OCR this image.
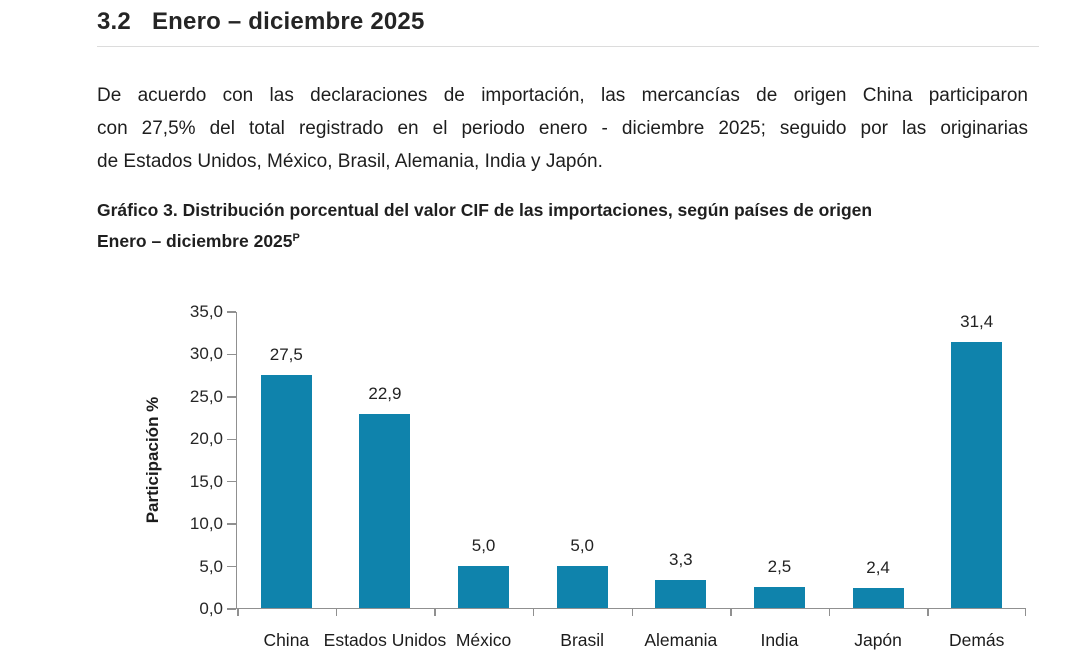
3.2 Enero – diciembre 2025
De acuerdo con las declaraciones de importación, las mercancías de origen China participaron
con 27,5% del total registrado en el periodo enero - diciembre 2025; seguido por las originarias
de Estados Unidos, México, Brasil, Alemania, India y Japón.
Gráfico 3. Distribución porcentual del valor CIF de las importaciones, según países de origen
Enero – diciembre $2025^P$
Participación %
35,0
30,0
25,0
20,0
15,0
10,0
5,0
0,0
27,5
China
22,9
Estados Unidos
5,0
México
5,0
Brasil
3,3
Alemania
2,5
India
2,4
Japón
31,4
Demás
